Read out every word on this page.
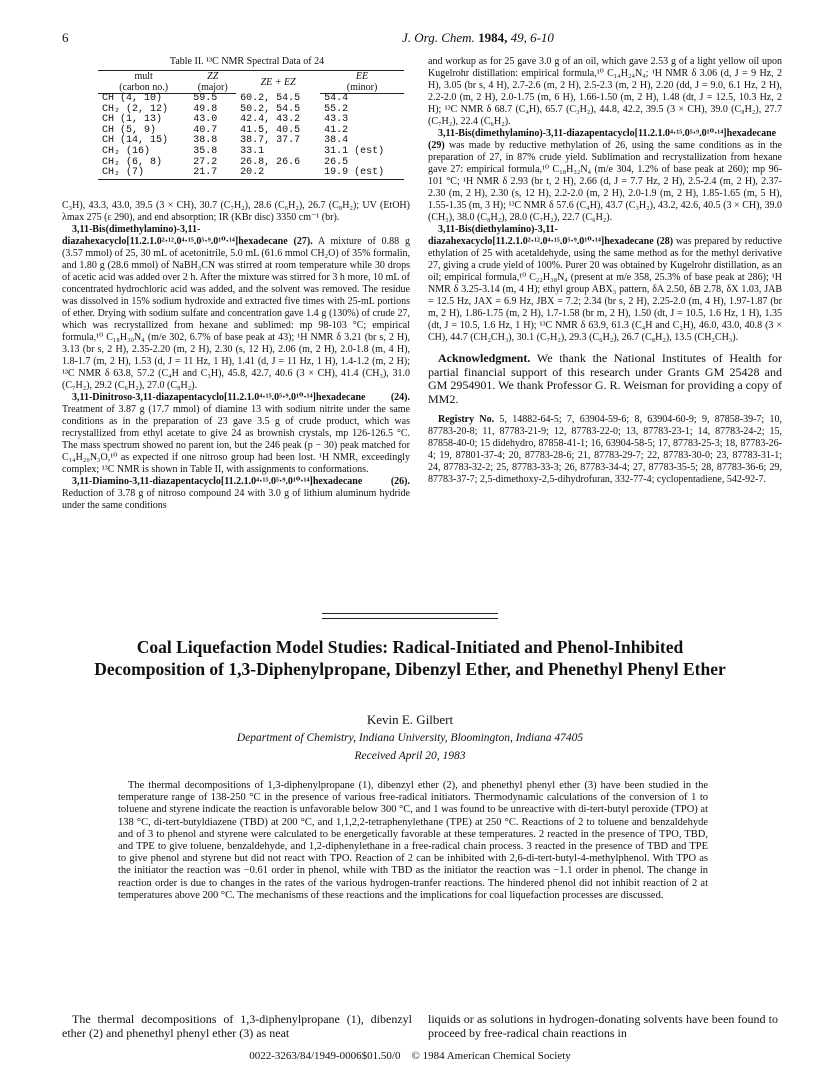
6	J. Org. Chem. 1984, 49, 6-10
Table II. ¹³C NMR Spectral Data of 24
mult	ZZ	ZE + EZ	EE
(carbon no.)	(major)		(minor)
CH (4, 10)	59.5	60.2, 54.5	54.4
CH₂ (2, 12)	49.8	50.2, 54.5	55.2
CH (1, 13)	43.0	42.4, 43.2	43.3
CH (5, 9)	40.7	41.5, 40.5	41.2
CH (14, 15)	38.8	38.7, 37.7	38.4
CH₂ (16)	35.8	33.1	31.1 (est)
CH₂ (6, 8)	27.2	26.8, 26.6	26.5
CH₂ (7)	21.7	20.2	19.9 (est)

C₃H), 43.3, 43.0, 39.5 (3 × CH), 30.7 (C₇H₂), 28.6 (C₆H₂), 26.7 (C₈H₂); UV (EtOH) λmax 275 (ε 290), and end absorption; IR (KBr disc) 3350 cm⁻¹ (br).

3,11-Bis(dimethylamino)-3,11-diazahexacyclo[11.2.1.0²·¹².0⁴·¹⁵.0⁵·⁹.0¹⁰·¹⁴]hexadecane (27). A mixture of 0.88 g (3.57 mmol) of 25, 30 mL of acetonitrile, 5.0 mL (61.6 mmol CH₂O) of 35% formalin, and 1.80 g (28.6 mmol) of NaBH₃CN was stirred at room temperature while 30 drops of acetic acid was added over 2 h. After the mixture was stirred for 3 h more, 10 mL of concentrated hydrochloric acid was added, and the solvent was removed. The residue was dissolved in 15% sodium hydroxide and extracted five times with 25-mL portions of ether. Drying with sodium sulfate and concentration gave 1.4 g (130%) of crude 27, which was recrystallized from hexane and sublimed: mp 98-103 °C; empirical formula,¹⁰ C₁₈H₃₀N₄ (m/e 302, 6.7% of base peak at 43); ¹H NMR δ 3.21 (br s, 2 H), 3.13 (br s, 2 H), 2.35-2.20 (m, 2 H), 2.30 (s, 12 H), 2.06 (m, 2 H), 2.0-1.8 (m, 4 H), 1.8-1.7 (m, 2 H), 1.53 (d, J = 11 Hz, 1 H), 1.41 (d, J = 11 Hz, 1 H), 1.4-1.2 (m, 2 H); ¹³C NMR δ 63.8, 57.2 (C₄H and C₃H), 45.8, 42.7, 40.6 (3 × CH), 41.4 (CH₃), 31.0 (C₇H₂), 29.2 (C₆H₂), 27.0 (C₈H₂).

3,11-Dinitroso-3,11-diazapentacyclo[11.2.1.0⁴·¹⁵.0⁵·⁹.0¹⁰·¹⁴]hexadecane (24). Treatment of 3.87 g (17.7 mmol) of diamine 13 with sodium nitrite under the same conditions as in the preparation of 23 gave 3.5 g of crude product, which was recrystallized from ethyl acetate to give 24 as brownish crystals, mp 126-126.5 °C. The mass spectrum showed no parent ion, but the 246 peak (p − 30) peak matched for C₁₄H₂₀N₃O,¹⁰ as expected if one nitroso group had been lost. ¹H NMR, exceedingly complex; ¹³C NMR is shown in Table II, with assignments to conformations.

3,11-Diamino-3,11-diazapentacyclo[11.2.1.0⁴·¹⁵.0⁵·⁹.0¹⁰·¹⁴]hexadecane (26). Reduction of 3.78 g of nitroso compound 24 with 3.0 g of lithium aluminum hydride under the same conditions

and workup as for 25 gave 3.0 g of an oil, which gave 2.53 g of a light yellow oil upon Kugelrohr distillation: empirical formula,¹⁰ C₁₄H₂₄N₄; ¹H NMR δ 3.06 (d, J = 9 Hz, 2 H), 3.05 (br s, 4 H), 2.7-2.6 (m, 2 H), 2.5-2.3 (m, 2 H), 2.20 (dd, J = 9.0, 6.1 Hz, 2 H), 2.2-2.0 (m, 2 H), 2.0-1.75 (m, 6 H), 1.66-1.50 (m, 2 H), 1.48 (dt, J = 12.5, 10.3 Hz, 2 H); ¹³C NMR δ 68.7 (C₄H), 65.7 (C₃H₂), 44.8, 42.2, 39.5 (3 × CH), 39.0 (C₈H₂), 27.7 (C₇H₂), 22.4 (C₆H₂).

3,11-Bis(dimethylamino)-3,11-diazapentacyclo[11.2.1.0⁴·¹⁵.0⁵·⁹.0¹⁰·¹⁴]hexadecane (29) was made by reductive methylation of 26, using the same conditions as in the preparation of 27, in 87% crude yield. Sublimation and recrystallization from hexane gave 27: empirical formula,¹⁰ C₁₈H₃₂N₄ (m/e 304, 1.2% of base peak at 260); mp 96-101 °C; ¹H NMR δ 2.93 (br t, 2 H), 2.66 (d, J = 7.7 Hz, 2 H), 2.5-2.4 (m, 2 H), 2.37-2.30 (m, 2 H), 2.30 (s, 12 H), 2.2-2.0 (m, 2 H), 2.0-1.9 (m, 2 H), 1.85-1.65 (m, 5 H), 1.55-1.35 (m, 3 H); ¹³C NMR δ 57.6 (C₄H), 43.7 (C₃H₂), 43.2, 42.6, 40.5 (3 × CH), 39.0 (CH₃), 38.0 (C₈H₂), 28.0 (C₇H₂), 22.7 (C₆H₂).

3,11-Bis(diethylamino)-3,11-diazahexacyclo[11.2.1.0²·¹².0⁴·¹⁵.0⁵·⁹.0¹⁰·¹⁴]hexadecane (28) was prepared by reductive ethylation of 25 with acetaldehyde, using the same method as for the methyl derivative 27, giving a crude yield of 100%. Purer 20 was obtained by Kugelrohr distillation, as an oil; empirical formula,¹⁰ C₂₂H₃₈N₄ (present at m/e 358, 25.3% of base peak at 286); ¹H NMR δ 3.25-3.14 (m, 4 H); ethyl group ABX₃ pattern, δA 2.50, δB 2.78, δX 1.03, JAB = 12.5 Hz, JAX = 6.9 Hz, JBX = 7.2; 2.34 (br s, 2 H), 2.25-2.0 (m, 4 H), 1.97-1.87 (br m, 2 H), 1.86-1.75 (m, 2 H), 1.7-1.58 (br m, 2 H), 1.50 (dt, J = 10.5, 1.6 Hz, 1 H), 1.35 (dt, J = 10.5, 1.6 Hz, 1 H); ¹³C NMR δ 63.9, 61.3 (C₄H and C₃H), 46.0, 43.0, 40.8 (3 × CH), 44.7 (CH₂CH₃), 30.1 (C₇H₂), 29.3 (C₆H₂), 26.7 (C₈H₂), 13.5 (CH₂CH₃).

Acknowledgment. We thank the National Institutes of Health for partial financial support of this research under Grants GM 25428 and GM 2954901. We thank Professor G. R. Weisman for providing a copy of MM2.

Registry No. 5, 14882-64-5; 7, 63904-59-6; 8, 63904-60-9; 9, 87858-39-7; 10, 87783-20-8; 11, 87783-21-9; 12, 87783-22-0; 13, 87783-23-1; 14, 87783-24-2; 15, 87858-40-0; 15 didehydro, 87858-41-1; 16, 63904-58-5; 17, 87783-25-3; 18, 87783-26-4; 19, 87801-37-4; 20, 87783-28-6; 21, 87783-29-7; 22, 87783-30-0; 23, 87783-31-1; 24, 87783-32-2; 25, 87783-33-3; 26, 87783-34-4; 27, 87783-35-5; 28, 87783-36-6; 29, 87783-37-7; 2,5-dimethoxy-2,5-dihydrofuran, 332-77-4; cyclopentadiene, 542-92-7.

Coal Liquefaction Model Studies: Radical-Initiated and Phenol-Inhibited Decomposition of 1,3-Diphenylpropane, Dibenzyl Ether, and Phenethyl Phenyl Ether
Kevin E. Gilbert
Department of Chemistry, Indiana University, Bloomington, Indiana 47405
Received April 20, 1983
The thermal decompositions of 1,3-diphenylpropane (1), dibenzyl ether (2), and phenethyl phenyl ether (3) have been studied in the temperature range of 138-250 °C in the presence of various free-radical initiators. Thermodynamic calculations of the conversion of 1 to toluene and styrene indicate the reaction is unfavorable below 300 °C, and 1 was found to be unreactive with di-tert-butyl peroxide (TPO) at 138 °C, di-tert-butyldiazene (TBD) at 200 °C, and 1,1,2,2-tetraphenylethane (TPE) at 250 °C. Reactions of 2 to toluene and benzaldehyde and of 3 to phenol and styrene were calculated to be energetically favorable at these temperatures. 2 reacted in the presence of TPO, TBD, and TPE to give toluene, benzaldehyde, and 1,2-diphenylethane in a free-radical chain process. 3 reacted in the presence of TBD and TPE to give phenol and styrene but did not react with TPO. Reaction of 2 can be inhibited with 2,6-di-tert-butyl-4-methylphenol. With TPO as the initiator the reaction was −0.61 order in phenol, while with TBD as the initiator the reaction was −1.1 order in phenol. The change in reaction order is due to changes in the rates of the various hydrogen-tranfer reactions. The hindered phenol did not inhibit reaction of 2 at temperatures above 200 °C. The mechanisms of these reactions and the implications for coal liquefaction processes are discussed.
The thermal decompositions of 1,3-diphenylpropane (1), dibenzyl ether (2) and phenethyl phenyl ether (3) as neat
liquids or as solutions in hydrogen-donating solvents have been found to proceed by free-radical chain reactions in
0022-3263/84/1949-0006$01.50/0 © 1984 American Chemical Society
